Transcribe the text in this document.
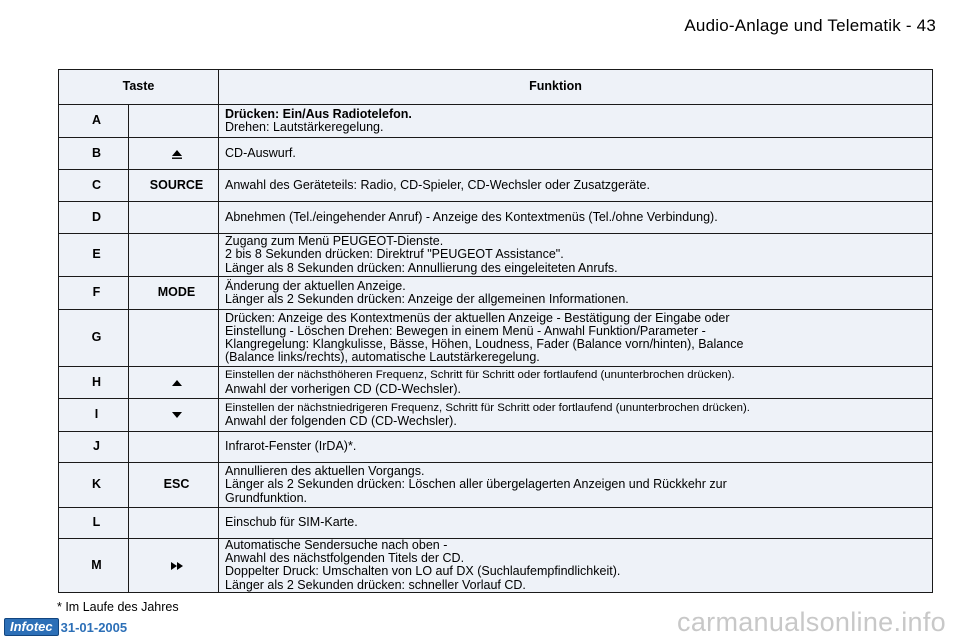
Audio-Anlage und Telematik - 43
Taste		Funktion
A		Drücken: Ein/Aus Radiotelefon.
Drehen: Lautstärkeregelung.

B		CD-Auswurf.

C	SOURCE	Anwahl des Geräteteils: Radio, CD-Spieler, CD-Wechsler oder Zusatzgeräte.

D		Abnehmen (Tel./eingehender Anruf) - Anzeige des Kontextmenüs (Tel./ohne Verbindung).

E		Zugang zum Menü PEUGEOT-Dienste.
2 bis 8 Sekunden drücken: Direktruf "PEUGEOT Assistance".
Länger als 8 Sekunden drücken: Annullierung des eingeleiteten Anrufs.

F	MODE	Änderung der aktuellen Anzeige.
Länger als 2 Sekunden drücken: Anzeige der allgemeinen Informationen.

G		Drücken: Anzeige des Kontextmenüs der aktuellen Anzeige - Bestätigung der Eingabe oder
Einstellung - Löschen Drehen: Bewegen in einem Menü - Anwahl Funktion/Parameter -
Klangregelung: Klangkulisse, Bässe, Höhen, Loudness, Fader (Balance vorn/hinten), Balance
(Balance links/rechts), automatische Lautstärkeregelung.

H		Einstellen der nächsthöheren Frequenz, Schritt für Schritt oder fortlaufend (ununterbrochen drücken).
Anwahl der vorherigen CD (CD-Wechsler).

I		Einstellen der nächstniedrigeren Frequenz, Schritt für Schritt oder fortlaufend (ununterbrochen drücken).
Anwahl der folgenden CD (CD-Wechsler).

J		Infrarot-Fenster (IrDA)*.

K	ESC	Annullieren des aktuellen Vorgangs.
Länger als 2 Sekunden drücken: Löschen aller übergelagerten Anzeigen und Rückkehr zur
Grundfunktion.

L		Einschub für SIM-Karte.

M		Automatische Sendersuche nach oben -
Anwahl des nächstfolgenden Titels der CD.
Doppelter Druck: Umschalten von LO auf DX (Suchlaufempfindlichkeit).
Länger als 2 Sekunden drücken: schneller Vorlauf CD.
* Im Laufe des Jahres
Infotec 31-01-2005	carmanualsonline.info
